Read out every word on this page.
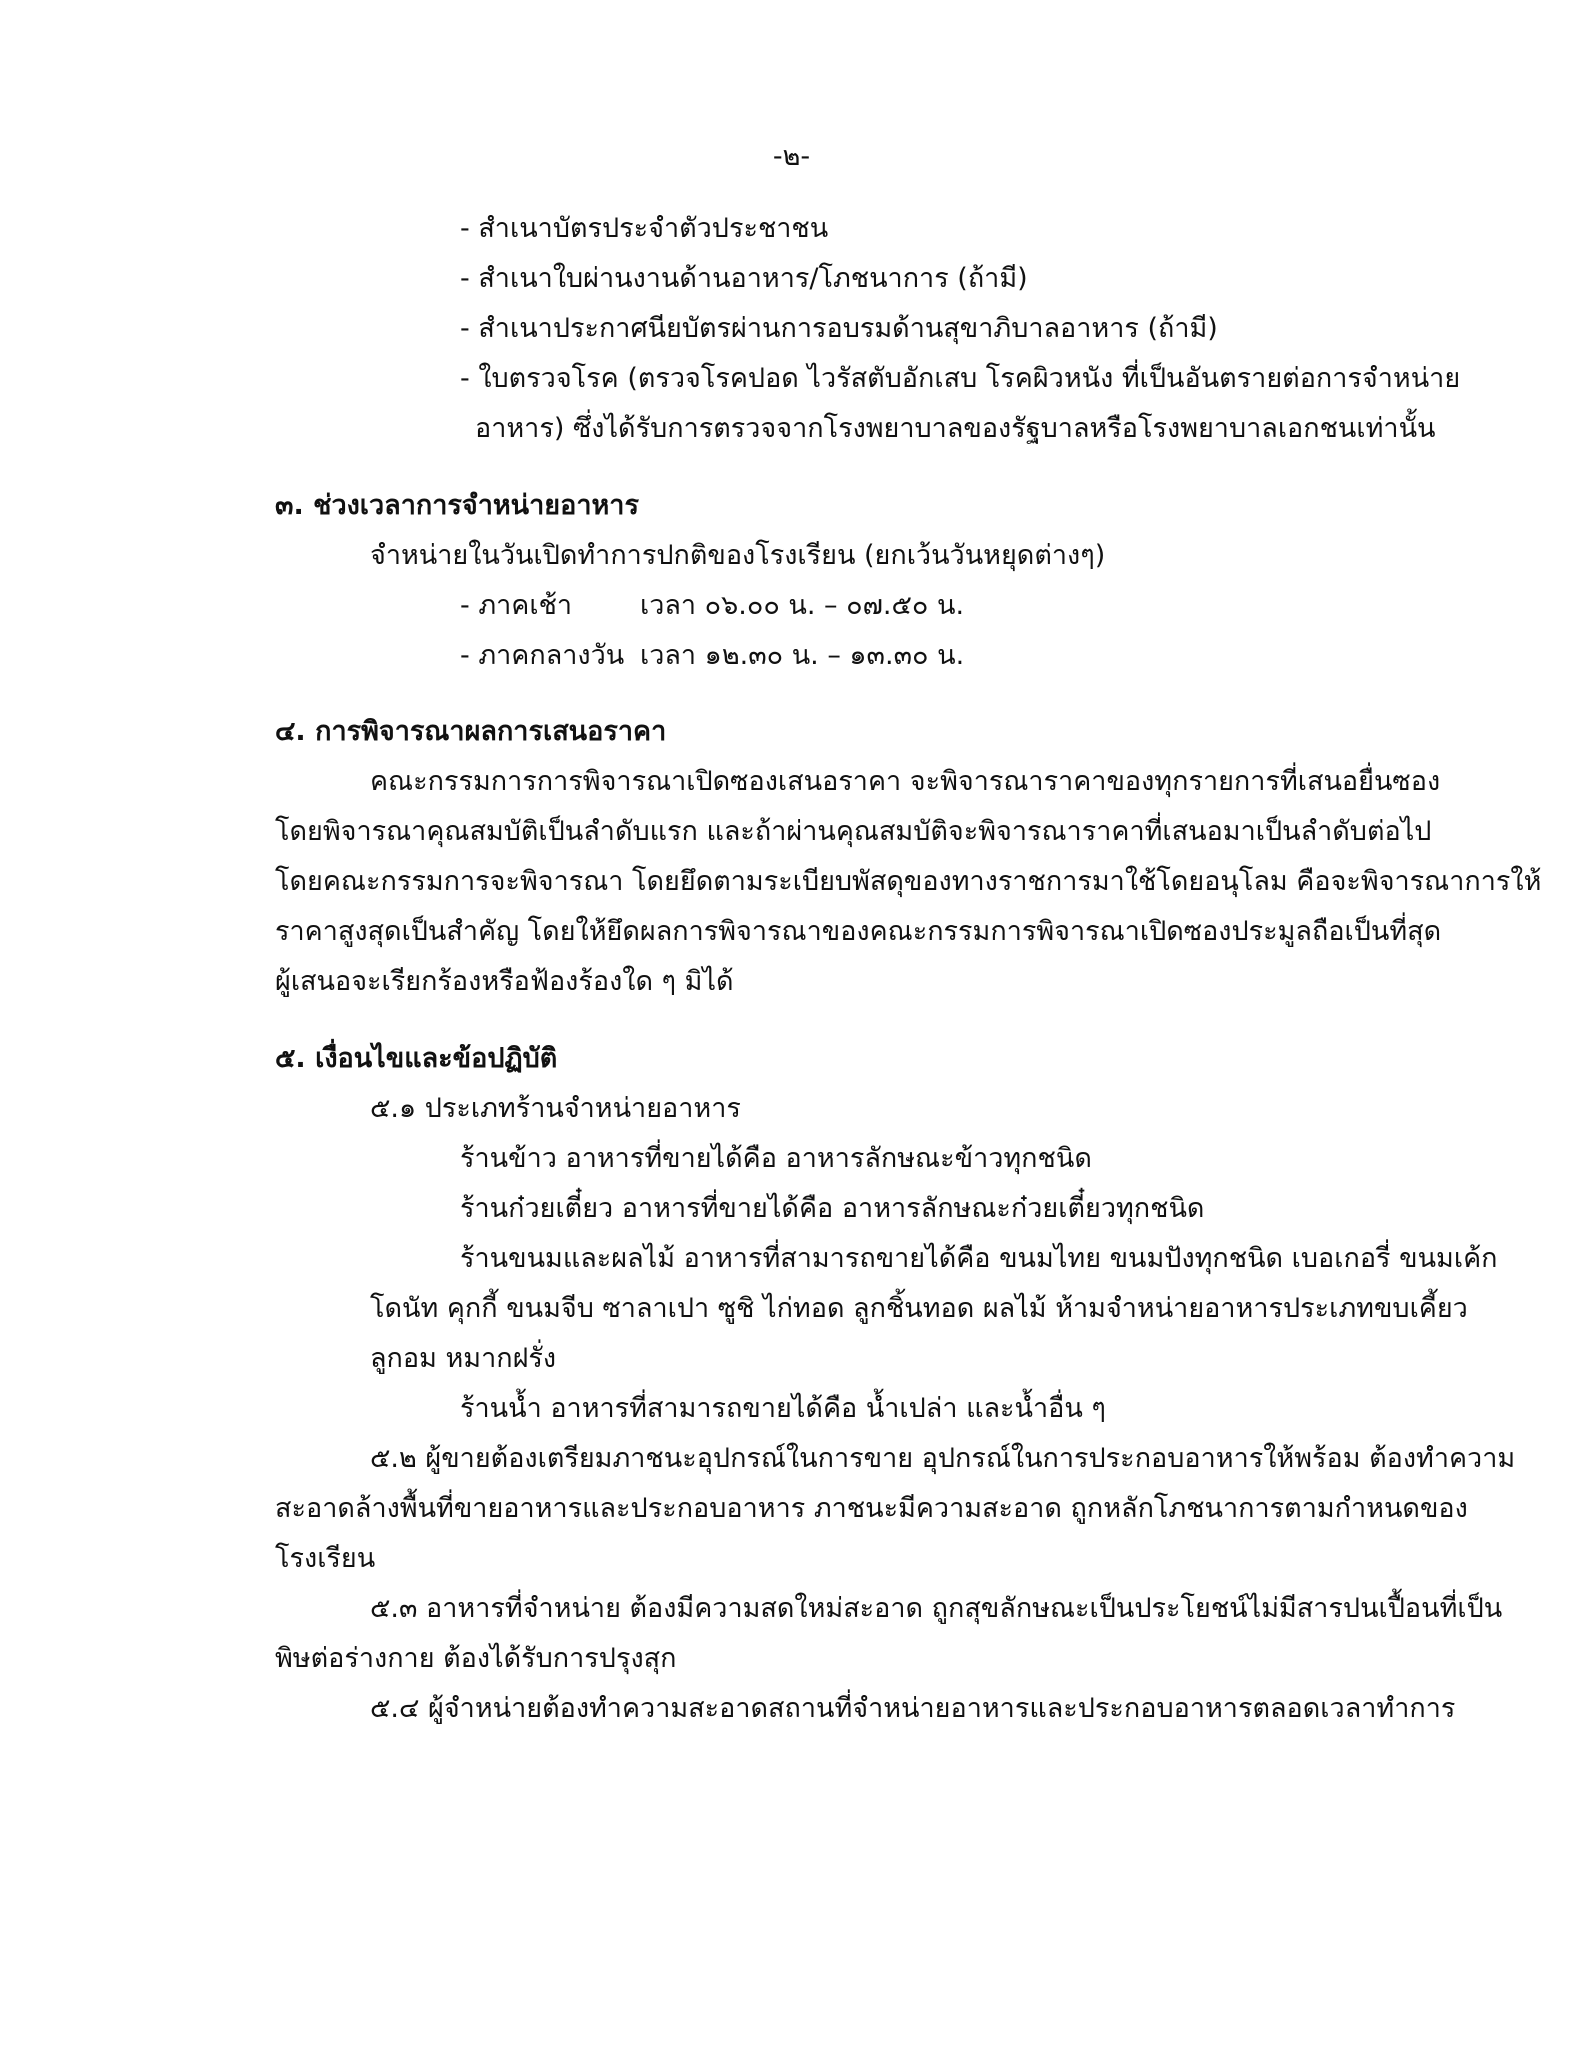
-๒-
- สำเนาบัตรประจำตัวประชาชน
- สำเนาใบผ่านงานด้านอาหาร/โภชนาการ (ถ้ามี)
- สำเนาประกาศนียบัตรผ่านการอบรมด้านสุขาภิบาลอาหาร (ถ้ามี)
- ใบตรวจโรค (ตรวจโรคปอด ไวรัสตับอักเสบ โรคผิวหนัง ที่เป็นอันตรายต่อการจำหน่าย
อาหาร) ซึ่งได้รับการตรวจจากโรงพยาบาลของรัฐบาลหรือโรงพยาบาลเอกชนเท่านั้น
๓. ช่วงเวลาการจำหน่ายอาหาร
จำหน่ายในวันเปิดทำการปกติของโรงเรียน (ยกเว้นวันหยุดต่างๆ)
- ภาคเช้า	เวลา ๐๖.๐๐ น. – ๐๗.๕๐ น.
- ภาคกลางวัน เวลา ๑๒.๓๐ น. – ๑๓.๓๐ น.
๔. การพิจารณาผลการเสนอราคา
คณะกรรมการการพิจารณาเปิดซองเสนอราคา จะพิจารณาราคาของทุกรายการที่เสนอยื่นซอง
โดยพิจารณาคุณสมบัติเป็นลำดับแรก และถ้าผ่านคุณสมบัติจะพิจารณาราคาที่เสนอมาเป็นลำดับต่อไป
โดยคณะกรรมการจะพิจารณา โดยยึดตามระเบียบพัสดุของทางราชการมาใช้โดยอนุโลม คือจะพิจารณาการให้
ราคาสูงสุดเป็นสำคัญ โดยให้ยึดผลการพิจารณาของคณะกรรมการพิจารณาเปิดซองประมูลถือเป็นที่สุด
ผู้เสนอจะเรียกร้องหรือฟ้องร้องใด ๆ มิได้
๕. เงื่อนไขและข้อปฏิบัติ
๕.๑ ประเภทร้านจำหน่ายอาหาร
ร้านข้าว อาหารที่ขายได้คือ อาหารลักษณะข้าวทุกชนิด
ร้านก๋วยเตี๋ยว อาหารที่ขายได้คือ อาหารลักษณะก๋วยเตี๋ยวทุกชนิด
ร้านขนมและผลไม้ อาหารที่สามารถขายได้คือ ขนมไทย ขนมปังทุกชนิด เบอเกอรี่ ขนมเค้ก
โดนัท คุกกี้ ขนมจีบ ซาลาเปา ซูชิ ไก่ทอด ลูกชิ้นทอด ผลไม้ ห้ามจำหน่ายอาหารประเภทขบเคี้ยว
ลูกอม หมากฝรั่ง
ร้านน้ำ อาหารที่สามารถขายได้คือ น้ำเปล่า และน้ำอื่น ๆ
๕.๒ ผู้ขายต้องเตรียมภาชนะอุปกรณ์ในการขาย อุปกรณ์ในการประกอบอาหารให้พร้อม ต้องทำความ
สะอาดล้างพื้นที่ขายอาหารและประกอบอาหาร ภาชนะมีความสะอาด ถูกหลักโภชนาการตามกำหนดของ
โรงเรียน
๕.๓ อาหารที่จำหน่าย ต้องมีความสดใหม่สะอาด ถูกสุขลักษณะเป็นประโยชน์ไม่มีสารปนเปื้อนที่เป็น
พิษต่อร่างกาย ต้องได้รับการปรุงสุก
๕.๔ ผู้จำหน่ายต้องทำความสะอาดสถานที่จำหน่ายอาหารและประกอบอาหารตลอดเวลาทำการ
